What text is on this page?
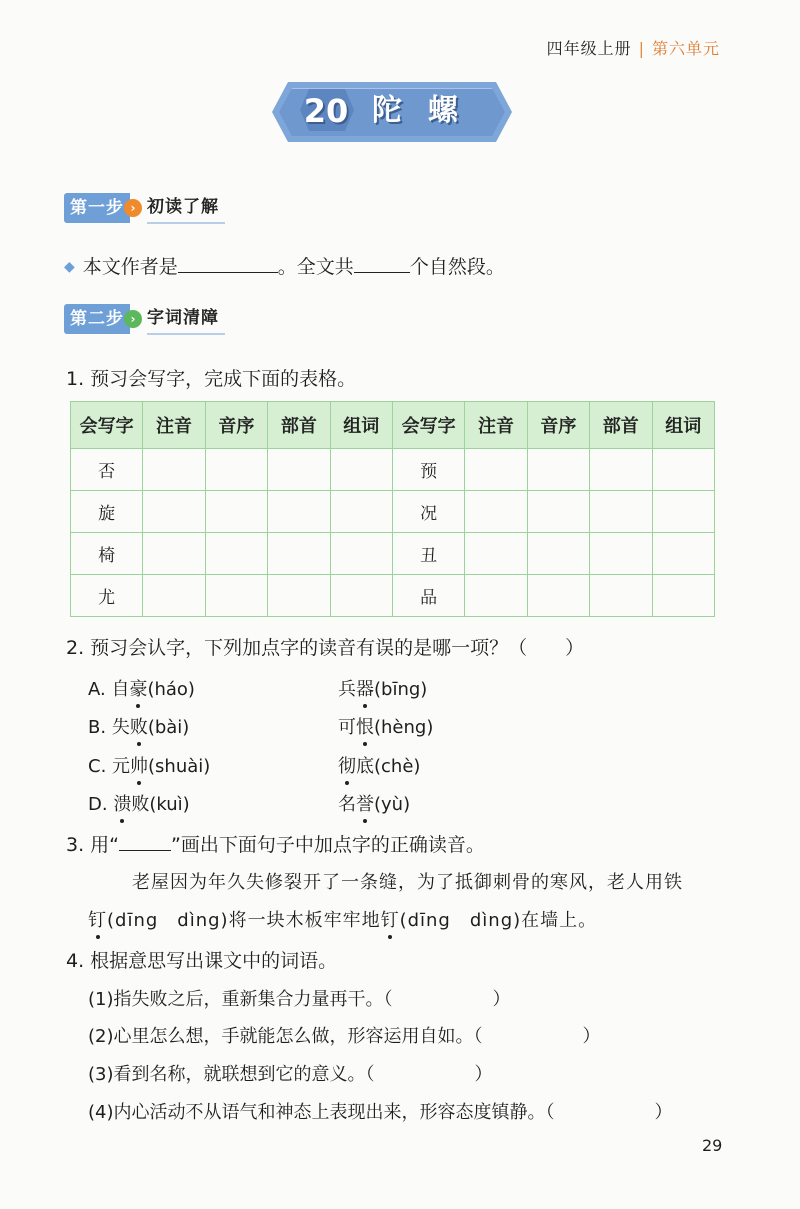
四年级上册 | 第六单元
20 陀螺
第一步 › 初读了解
◆ 本文作者是	。全文共	个自然段。
第二步 › 字词清障
1. 预习会写字，完成下面的表格。
会写字	注音	音序	部首	组词	会写字	注音	音序	部首	组词
否					预				
旋					况				
椅					丑				
尤					品				
2. 预习会认字，下列加点字的读音有误的是哪一项？（　　）
A. 自豪(háo)	兵器(bīng)
B. 失败(bài)	可恨(hèng)
C. 元帅(shuài)	彻底(chè)
D. 溃败(kuì)	名誉(yù)
3. 用“	”画出下面句子中加点字的正确读音。
老屋因为年久失修裂开了一条缝，为了抵御刺骨的寒风，老人用铁
钉(dīng　dìng)将一块木板牢牢地钉(dīng　dìng)在墙上。
4. 根据意思写出课文中的词语。
(1)指失败之后，重新集合力量再干。（	）
(2)心里怎么想，手就能怎么做，形容运用自如。（	）
(3)看到名称，就联想到它的意义。（	）
(4)内心活动不从语气和神态上表现出来，形容态度镇静。（	）
29
